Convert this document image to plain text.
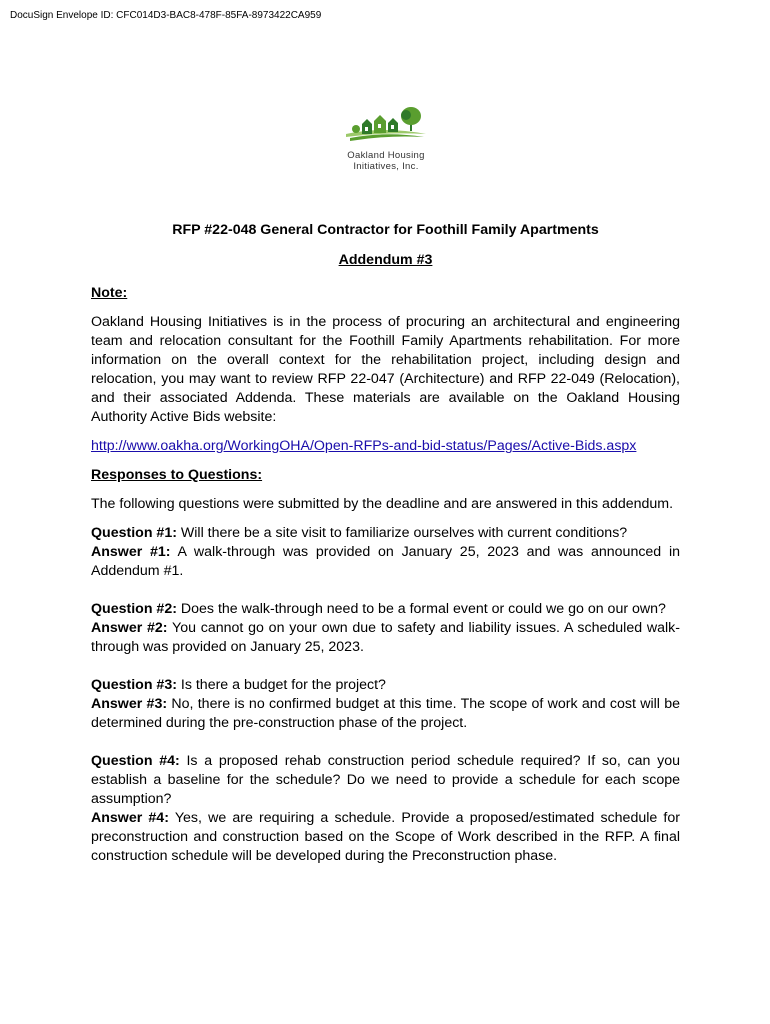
DocuSign Envelope ID: CFC014D3-BAC8-478F-85FA-8973422CA959
Oakland Housing
Initiatives, Inc.

RFP #22-048 General Contractor for Foothill Family Apartments

Addendum #3

Note:

Oakland Housing Initiatives is in the process of procuring an architectural and engineering team and relocation consultant for the Foothill Family Apartments rehabilitation. For more information on the overall context for the rehabilitation project, including design and relocation, you may want to review RFP 22-047 (Architecture) and RFP 22-049 (Relocation), and their associated Addenda. These materials are available on the Oakland Housing Authority Active Bids website:

http://www.oakha.org/WorkingOHA/Open-RFPs-and-bid-status/Pages/Active-Bids.aspx

Responses to Questions:

The following questions were submitted by the deadline and are answered in this addendum.

Question #1: Will there be a site visit to familiarize ourselves with current conditions?

Answer #1: A walk-through was provided on January 25, 2023 and was announced in Addendum #1.

Question #2: Does the walk-through need to be a formal event or could we go on our own?

Answer #2: You cannot go on your own due to safety and liability issues. A scheduled walk-through was provided on January 25, 2023.

Question #3: Is there a budget for the project?

Answer #3: No, there is no confirmed budget at this time. The scope of work and cost will be determined during the pre-construction phase of the project.

Question #4: Is a proposed rehab construction period schedule required? If so, can you establish a baseline for the schedule? Do we need to provide a schedule for each scope assumption?

Answer #4: Yes, we are requiring a schedule. Provide a proposed/estimated schedule for preconstruction and construction based on the Scope of Work described in the RFP. A final construction schedule will be developed during the Preconstruction phase.
